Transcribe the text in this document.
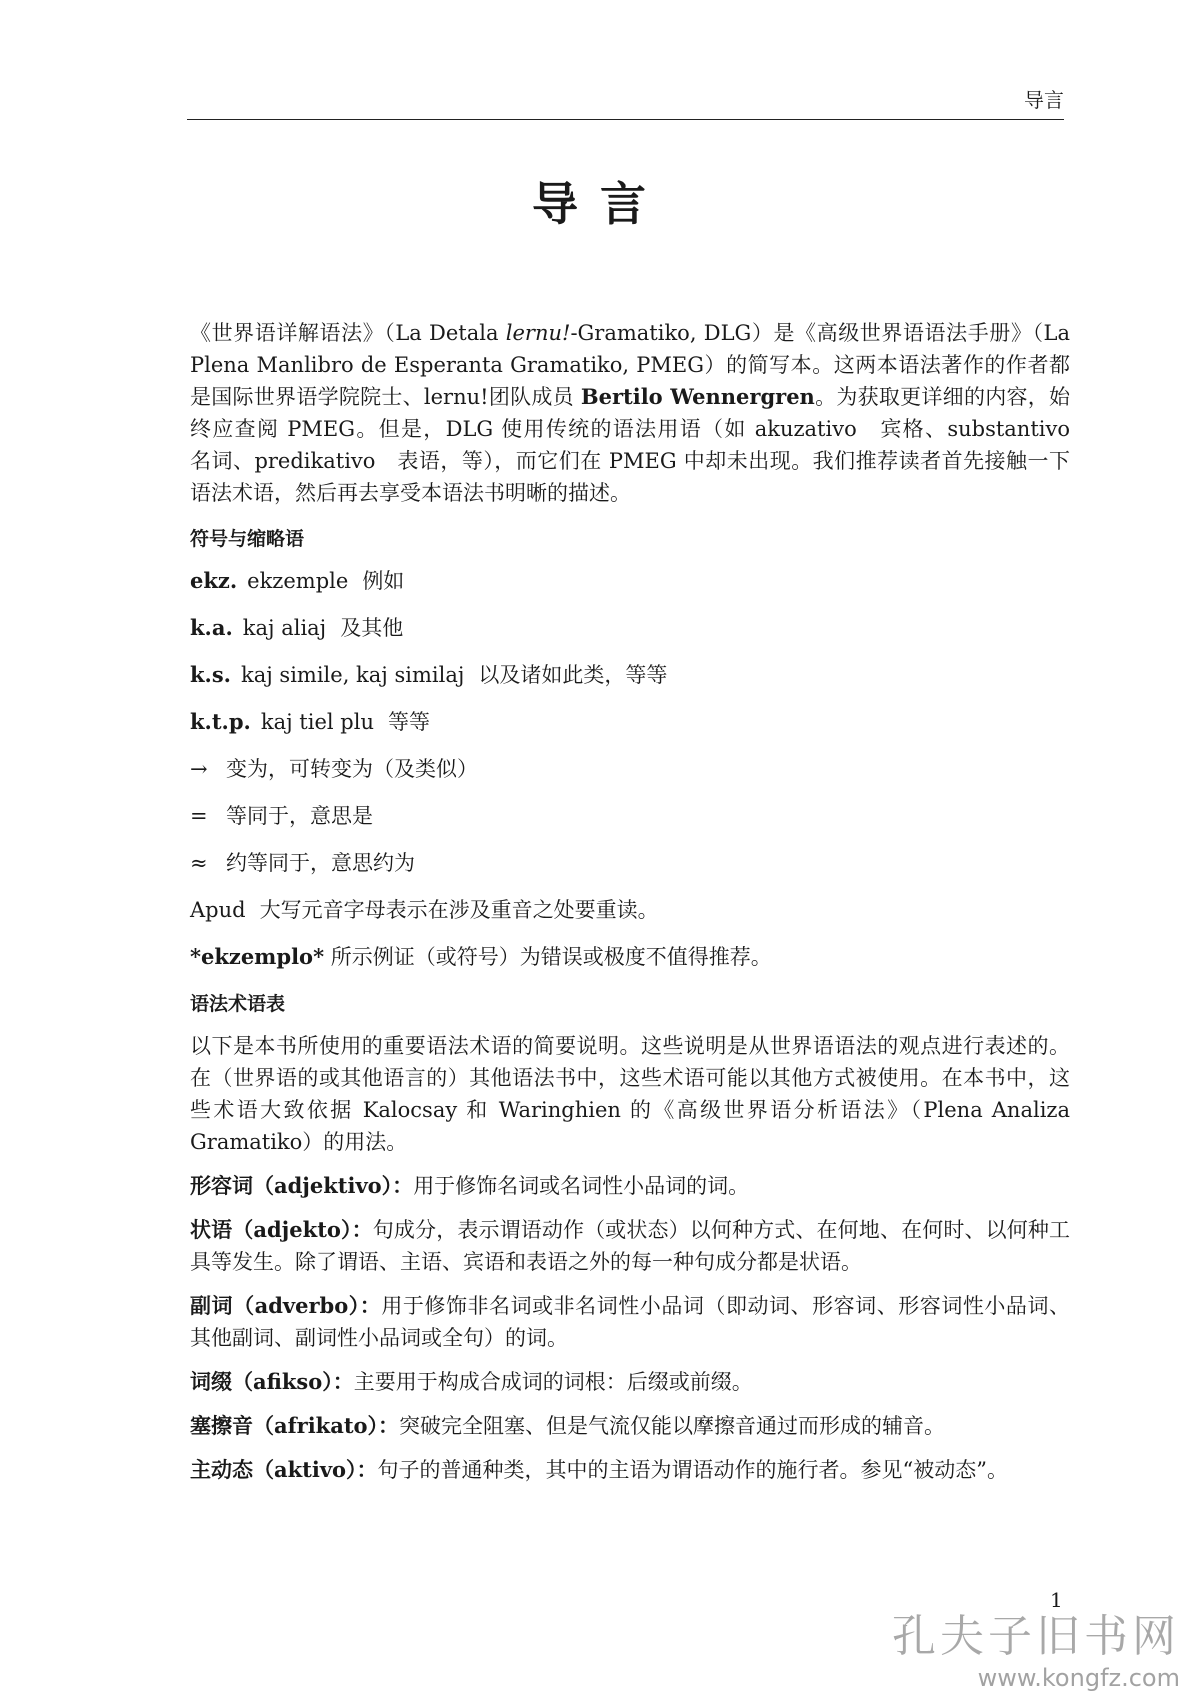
导言
导言

《世界语详解语法》（La Detala lernu!-Gramatiko, DLG）是《高级世界语语法手册》（La Plena Manlibro de Esperanta Gramatiko, PMEG）的简写本。这两本语法著作的作者都是国际世界语学院院士、lernu!团队成员 Bertilo Wennergren。为获取更详细的内容，始终应查阅 PMEG。但是，DLG 使用传统的语法用语（如 akuzativo　宾格、substantivo　名词、predikativo　表语，等），而它们在 PMEG 中却未出现。我们推荐读者首先接触一下语法术语，然后再去享受本语法书明晰的描述。

符号与缩略语

ekz. ekzemple 例如

k.a. kaj aliaj 及其他

k.s. kaj simile, kaj similaj 以及诸如此类，等等

k.t.p. kaj tiel plu 等等

→ 变为，可转变为（及类似）

= 等同于，意思是

≈ 约等同于，意思约为

Apud 大写元音字母表示在涉及重音之处要重读。

*ekzemplo* 所示例证（或符号）为错误或极度不值得推荐。

语法术语表

以下是本书所使用的重要语法术语的简要说明。这些说明是从世界语语法的观点进行表述的。在（世界语的或其他语言的）其他语法书中，这些术语可能以其他方式被使用。在本书中，这些术语大致依据 Kalocsay 和 Waringhien 的《高级世界语分析语法》（Plena Analiza Gramatiko）的用法。

形容词（adjektivo）：用于修饰名词或名词性小品词的词。

状语（adjekto）：句成分，表示谓语动作（或状态）以何种方式、在何地、在何时、以何种工具等发生。除了谓语、主语、宾语和表语之外的每一种句成分都是状语。

副词（adverbo）：用于修饰非名词或非名词性小品词（即动词、形容词、形容词性小品词、其他副词、副词性小品词或全句）的词。

词缀（afikso）：主要用于构成合成词的词根：后缀或前缀。

塞擦音（afrikato）：突破完全阻塞、但是气流仅能以摩擦音通过而形成的辅音。

主动态（aktivo）：句子的普通种类，其中的主语为谓语动作的施行者。参见“被动态”。

1
孔夫子旧书网
www.kongfz.com
